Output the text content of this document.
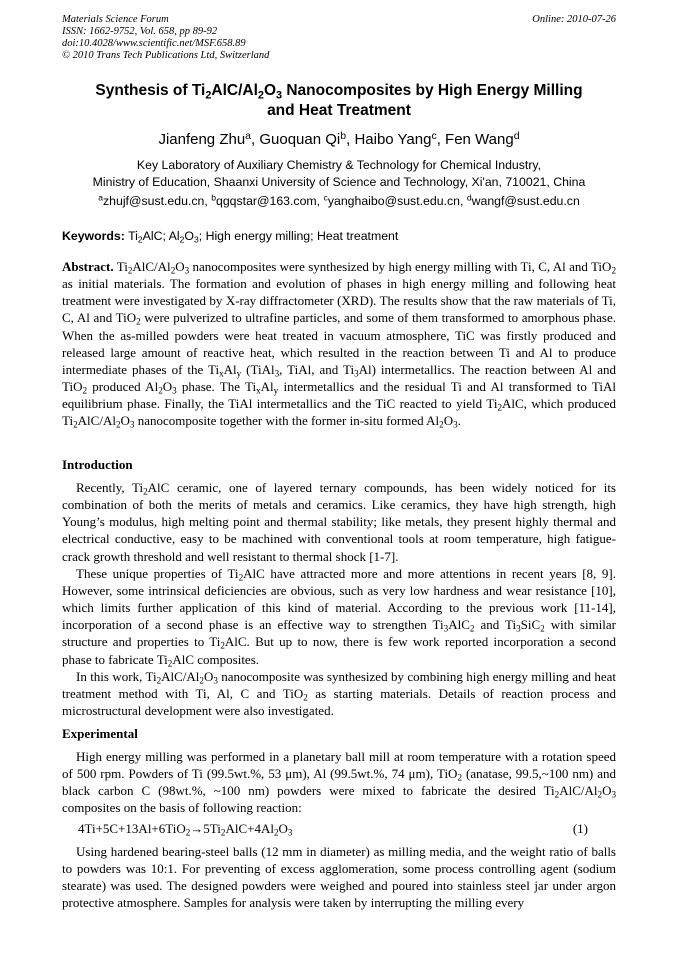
Materials Science Forum
ISSN: 1662-9752, Vol. 658, pp 89-92
doi:10.4028/www.scientific.net/MSF.658.89
© 2010 Trans Tech Publications Ltd, Switzerland
Online: 2010-07-26
Synthesis of $Ti_2AlC/Al_2O_3$ Nanocomposites by High Energy Milling
and Heat Treatment
Jianfeng Zhu$^a$, Guoquan Qi$^b$, Haibo Yang$^c$, Fen Wang$^d$
Key Laboratory of Auxiliary Chemistry & Technology for Chemical Industry,
Ministry of Education, Shaanxi University of Science and Technology, Xi'an, 710021, China
$^a$zhujf@sust.edu.cn, $^b$qgqstar@163.com, $^c$yanghaibo@sust.edu.cn, $^d$wangf@sust.edu.cn
Keywords: $Ti_2AlC$; $Al_2O_3$; High energy milling; Heat treatment

Abstract. $Ti_2AlC/Al_2O_3$ nanocomposites were synthesized by high energy milling with Ti, C, Al and TiO$_2$ as initial materials. The formation and evolution of phases in high energy milling and following heat treatment were investigated by X-ray diffractometer (XRD). The results show that the raw materials of Ti, C, Al and TiO$_2$ were pulverized to ultrafine particles, and some of them transformed to amorphous phase. When the as-milled powders were heat treated in vacuum atmosphere, TiC was firstly produced and released large amount of reactive heat, which resulted in the reaction between Ti and Al to produce intermediate phases of the $Ti_xAl_y$ (TiAl$_3$, TiAl, and $Ti_3Al$) intermetallics. The reaction between Al and TiO$_2$ produced $Al_2O_3$ phase. The $Ti_xAl_y$ intermetallics and the residual Ti and Al transformed to TiAl equilibrium phase. Finally, the TiAl intermetallics and the TiC reacted to yield $Ti_2AlC$, which produced $Ti_2AlC/Al_2O_3$ nanocomposite together with the former in-situ formed $Al_2O_3$.

Introduction

Recently, $Ti_2AlC$ ceramic, one of layered ternary compounds, has been widely noticed for its combination of both the merits of metals and ceramics. Like ceramics, they have high strength, high Young’s modulus, high melting point and thermal stability; like metals, they present highly thermal and electrical conductive, easy to be machined with conventional tools at room temperature, high fatigue-crack growth threshold and well resistant to thermal shock [1-7].

These unique properties of $Ti_2AlC$ have attracted more and more attentions in recent years [8, 9]. However, some intrinsical deficiencies are obvious, such as very low hardness and wear resistance [10], which limits further application of this kind of material. According to the previous work [11-14], incorporation of a second phase is an effective way to strengthen $Ti_3AlC_2$ and $Ti_3SiC_2$ with similar structure and properties to $Ti_2AlC$. But up to now, there is few work reported incorporation a second phase to fabricate $Ti_2AlC$ composites.

In this work, $Ti_2AlC/Al_2O_3$ nanocomposite was synthesized by combining high energy milling and heat treatment method with Ti, Al, C and TiO$_2$ as starting materials. Details of reaction process and microstructural development were also investigated.

Experimental

High energy milling was performed in a planetary ball mill at room temperature with a rotation speed of 500 rpm. Powders of Ti (99.5wt.%, 53 μm), Al (99.5wt.%, 74 μm), TiO$_2$ (anatase, 99.5,~100 nm) and black carbon C (98wt.%, ~100 nm) powders were mixed to fabricate the desired $Ti_2AlC/Al_2O_3$ composites on the basis of following reaction:

$4Ti+5C+13Al+6TiO_2\to 5Ti_2AlC+4Al_2O_3$	(1)

Using hardened bearing-steel balls (12 mm in diameter) as milling media, and the weight ratio of balls to powders was 10:1. For preventing of excess agglomeration, some process controlling agent (sodium stearate) was used. The designed powders were weighed and poured into stainless steel jar under argon protective atmosphere. Samples for analysis were taken by interrupting the milling every
